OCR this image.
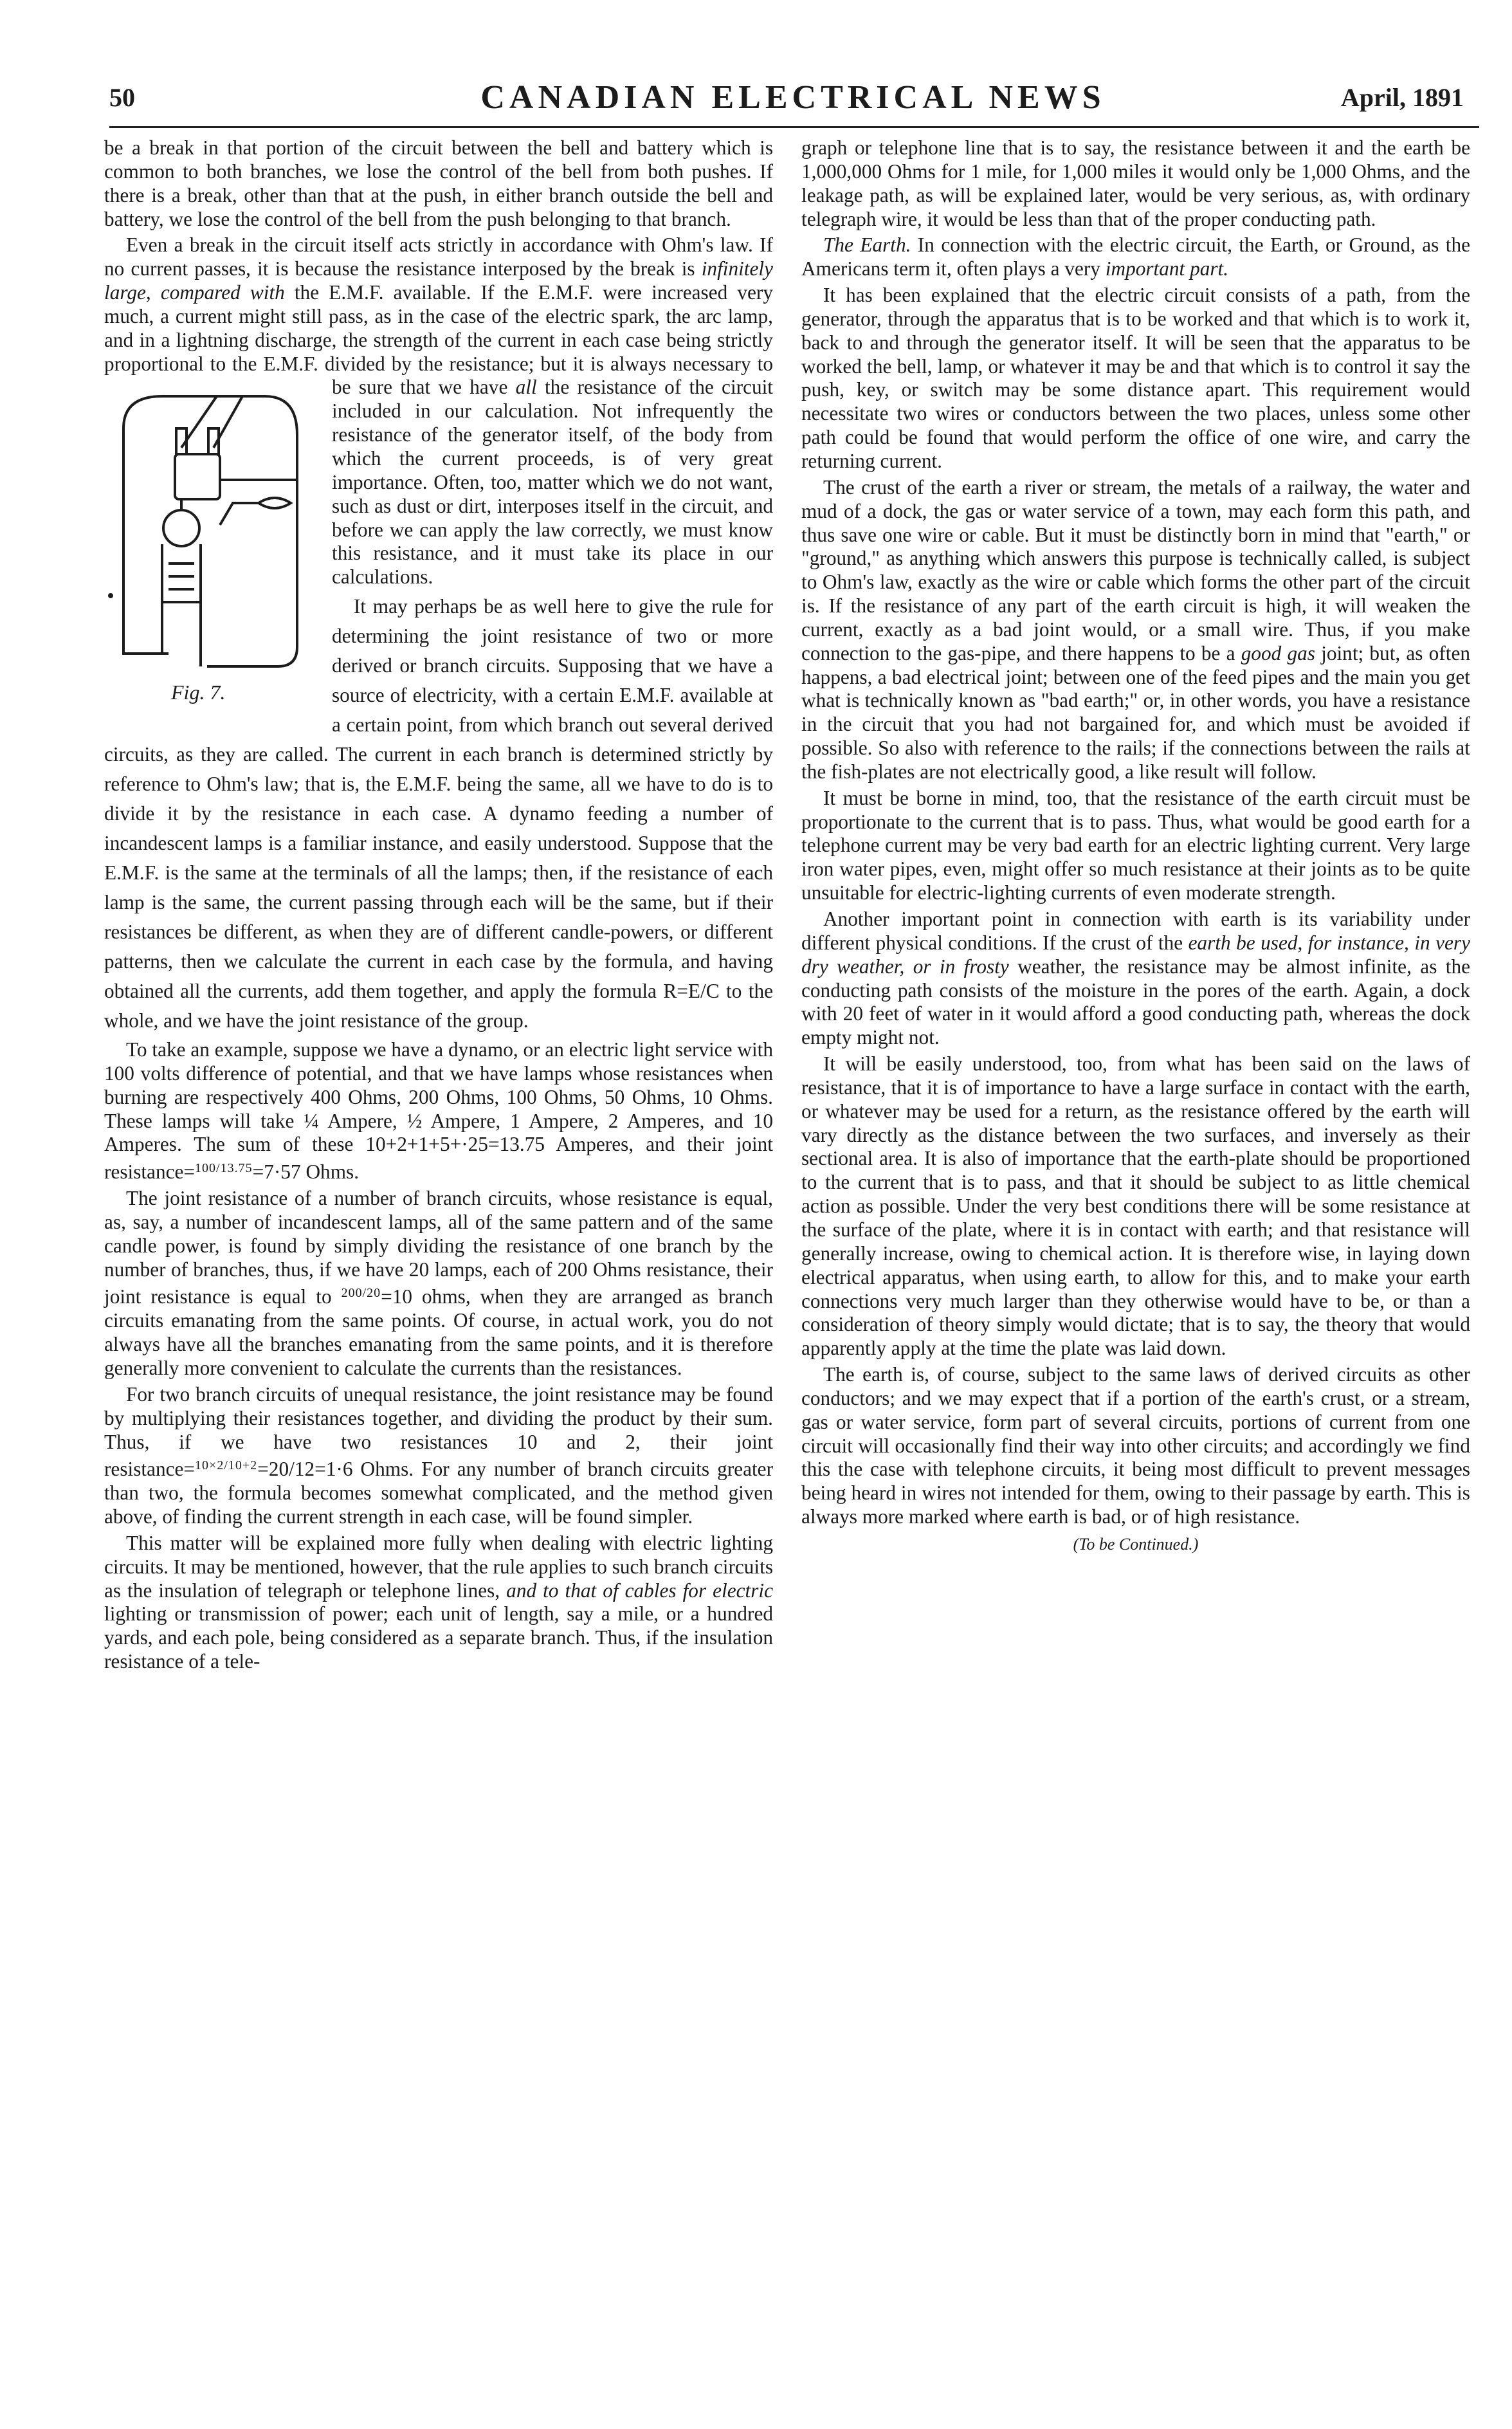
50	CANADIAN ELECTRICAL NEWS	April, 1891

be a break in that portion of the circuit between the bell and battery which is common to both branches, we lose the control of the bell from both pushes. If there is a break, other than that at the push, in either branch outside the bell and battery, we lose the control of the bell from the push belonging to that branch.

Even a break in the circuit itself acts strictly in accordance with Ohm's law. If no current passes, it is because the resistance interposed by the break is infinitely large, compared with the E.M.F. available. If the E.M.F. were increased very much, a current might still pass, as in the case of the electric spark, the arc lamp, and in a lightning discharge, the strength of the current in each case being strictly proportional to the E.M.F. divided by the resistance; but it is always necessary to be sure that we have
Fig. 7.
all the resistance of the circuit included in our calculation. Not infrequently the resistance of the generator itself, of the body from which the current proceeds, is of very great importance. Often, too, matter which we do not want, such as dust or dirt, interposes itself in the circuit, and before we can apply the law correctly, we must know this resistance, and it must take its place in our calculations.

It may perhaps be as well here to give the rule for determining the joint resistance of two or more derived or branch circuits. Supposing that we have a source of electricity, with a certain E.M.F. available at a certain point, from which branch out several derived circuits, as they are called. The current in each branch is determined strictly by reference to Ohm's law; that is, the E.M.F. being the same, all we have to do is to divide it by the resistance in each case. A dynamo feeding a number of incandescent lamps is a familiar instance, and easily understood. Suppose that the E.M.F. is the same at the terminals of all the lamps; then, if the resistance of each lamp is the same, the current passing through each will be the same, but if their resistances be different, as when they are of different candle-powers, or different patterns, then we calculate the current in each case by the formula, and having obtained all the currents, add them together, and apply the formula R=E/C to the whole, and we have the joint resistance of the group.

To take an example, suppose we have a dynamo, or an electric light service with 100 volts difference of potential, and that we have lamps whose resistances when burning are respectively 400 Ohms, 200 Ohms, 100 Ohms, 50 Ohms, 10 Ohms. These lamps will take ¼ Ampere, ½ Ampere, 1 Ampere, 2 Amperes, and 10 Amperes. The sum of these 10+2+1+5+·25=13.75 Amperes, and their joint resistance=$^{100/13.75}$=7·57 Ohms.

The joint resistance of a number of branch circuits, whose resistance is equal, as, say, a number of incandescent lamps, all of the same pattern and of the same candle power, is found by simply dividing the resistance of one branch by the number of branches, thus, if we have 20 lamps, each of 200 Ohms resistance, their joint resistance is equal to $^{200/20}$=10 ohms, when they are arranged as branch circuits emanating from the same points. Of course, in actual work, you do not always have all the branches emanating from the same points, and it is therefore generally more convenient to calculate the currents than the resistances.

For two branch circuits of unequal resistance, the joint resistance may be found by multiplying their resistances together, and dividing the product by their sum. Thus, if we have two resistances 10 and 2, their joint resistance=$^{10\times 2/10+2}$=20/12=1·6 Ohms. For any number of branch circuits greater than two, the formula becomes somewhat complicated, and the method given above, of finding the current strength in each case, will be found simpler.

This matter will be explained more fully when dealing with electric lighting circuits. It may be mentioned, however, that the rule applies to such branch circuits as the insulation of telegraph or telephone lines, and to that of cables for electric lighting or transmission of power; each unit of length, say a mile, or a hundred yards, and each pole, being considered as a separate branch. Thus, if the insulation resistance of a tele-

graph or telephone line that is to say, the resistance between it and the earth be 1,000,000 Ohms for 1 mile, for 1,000 miles it would only be 1,000 Ohms, and the leakage path, as will be explained later, would be very serious, as, with ordinary telegraph wire, it would be less than that of the proper conducting path.

The Earth. In connection with the electric circuit, the Earth, or Ground, as the Americans term it, often plays a very important part.

It has been explained that the electric circuit consists of a path, from the generator, through the apparatus that is to be worked and that which is to work it, back to and through the generator itself. It will be seen that the apparatus to be worked the bell, lamp, or whatever it may be and that which is to control it say the push, key, or switch may be some distance apart. This requirement would necessitate two wires or conductors between the two places, unless some other path could be found that would perform the office of one wire, and carry the returning current.

The crust of the earth a river or stream, the metals of a railway, the water and mud of a dock, the gas or water service of a town, may each form this path, and thus save one wire or cable. But it must be distinctly born in mind that "earth," or "ground," as anything which answers this purpose is technically called, is subject to Ohm's law, exactly as the wire or cable which forms the other part of the circuit is. If the resistance of any part of the earth circuit is high, it will weaken the current, exactly as a bad joint would, or a small wire. Thus, if you make connection to the gas-pipe, and there happens to be a good gas joint; but, as often happens, a bad electrical joint; between one of the feed pipes and the main you get what is technically known as "bad earth;" or, in other words, you have a resistance in the circuit that you had not bargained for, and which must be avoided if possible. So also with reference to the rails; if the connections between the rails at the fish-plates are not electrically good, a like result will follow.

It must be borne in mind, too, that the resistance of the earth circuit must be proportionate to the current that is to pass. Thus, what would be good earth for a telephone current may be very bad earth for an electric lighting current. Very large iron water pipes, even, might offer so much resistance at their joints as to be quite unsuitable for electric-lighting currents of even moderate strength.

Another important point in connection with earth is its variability under different physical conditions. If the crust of the earth be used, for instance, in very dry weather, or in frosty weather, the resistance may be almost infinite, as the conducting path consists of the moisture in the pores of the earth. Again, a dock with 20 feet of water in it would afford a good conducting path, whereas the dock empty might not.

It will be easily understood, too, from what has been said on the laws of resistance, that it is of importance to have a large surface in contact with the earth, or whatever may be used for a return, as the resistance offered by the earth will vary directly as the distance between the two surfaces, and inversely as their sectional area. It is also of importance that the earth-plate should be proportioned to the current that is to pass, and that it should be subject to as little chemical action as possible. Under the very best conditions there will be some resistance at the surface of the plate, where it is in contact with earth; and that resistance will generally increase, owing to chemical action. It is therefore wise, in laying down electrical apparatus, when using earth, to allow for this, and to make your earth connections very much larger than they otherwise would have to be, or than a consideration of theory simply would dictate; that is to say, the theory that would apparently apply at the time the plate was laid down.

The earth is, of course, subject to the same laws of derived circuits as other conductors; and we may expect that if a portion of the earth's crust, or a stream, gas or water service, form part of several circuits, portions of current from one circuit will occasionally find their way into other circuits; and accordingly we find this the case with telephone circuits, it being most difficult to prevent messages being heard in wires not intended for them, owing to their passage by earth. This is always more marked where earth is bad, or of high resistance.

(To be Continued.)
